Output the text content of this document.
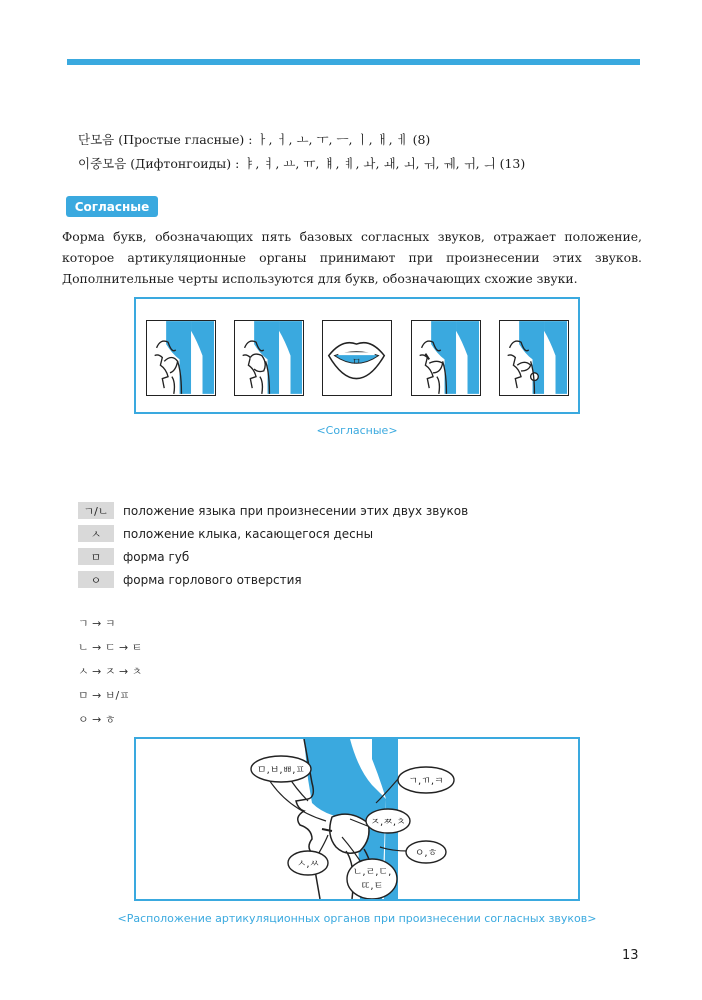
단모음 (Простые гласные) : ㅏ, ㅓ, ㅗ, ㅜ, ㅡ, ㅣ, ㅐ, ㅔ (8)
이중모음 (Дифтонгоиды) : ㅑ, ㅕ, ㅛ, ㅠ, ㅒ, ㅖ, ㅘ, ㅙ, ㅚ, ㅝ, ㅞ, ㅟ, ㅢ (13)
Согласные
Форма букв, обозначающих пять базовых согласных звуков, отражает положение, которое артикуляционные органы принимают при произнесении этих звуков. Дополнительные черты используются для букв, обозначающих схожие звуки.
ㅁ
<Согласные>
ㄱ/ㄴ	положение языка при произнесении этих двух звуков
ㅅ	положение клыка, касающегося десны
ㅁ	форма губ
ㅇ	форма горлового отверстия
ㄱ → ㅋ
ㄴ → ㄷ → ㅌ
ㅅ → ㅈ → ㅊ
ㅁ → ㅂ/ㅍ
ㅇ → ㅎ
ㅁ,ㅂ,ㅃ,ㅍ
ㄱ,ㄲ,ㅋ
ㅈ,ㅉ,ㅊ
ㅇ,ㅎ
ㅅ,ㅆ
ㄴ,ㄹ,ㄷ,
ㄸ,ㅌ
<Расположение артикуляционных органов при произнесении согласных звуков>
13
